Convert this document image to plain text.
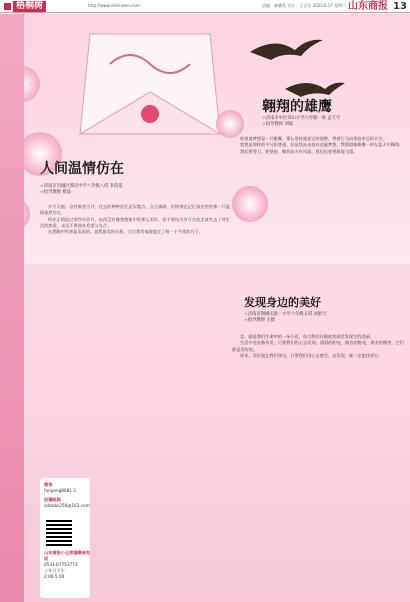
梧桐树	http://www.sdxinwen.com	责编：韩鹏莉 设计：王含乐 2023.6.17 星期六 山东商报 13
人间温情仿在
☆济南市历城区郭店中学八年级八班 李依依
☆指导教师 褚晶

岁月无痕，自有痕迹可寻，过去的种种回忆是穿越点，点点滴滴，但铭刻在记忆深处里的那一片温情依然存在。

时光无情流过那些年岁月，东西没有像我想象中的那么美好，但不要因为岁月在流走就失去了对生活的热爱，永远不要放弃希望与光芒。

在我眼中世界是美丽的。是我最美的风景，它让我幸福地度过了每一个平常的日子。

翱翔的雄鹰
☆济南市中区舜山小学六年级一班 孟天宇
☆指导教师 刘斌

如果说梦想是一只雄鹰，那么坚持就是它的翅膀，带着它飞向更高更远的天空。

我曾是那样的平凡和普通，但是我从未放弃追逐梦想。我渴望像雄鹰一样在蓝天中翱翔。

我们要努力，要坚持，哪怕前方有风雨，我们也要勇敢地飞翔。

发现身边的美好
☆济南市钢城实验一小学六年级五班 刘舒天
☆指导教师 王绮

美，就是我们生命中的一朵小花，每当我们仔细欣赏就会发现它的美丽。

生活中处处都有美，只要我们用心去发现。清晨的阳光，路边的野花，朋友的微笑，它们都是美好的。

原来，美好就在我们身边，只要我们用心去感受，去发现，就一定能找到它。

微信
fanpeng8081 2
投稿邮箱
sdzwbs256@163.com
山东商报小记者编辑部电话
0531-67753773
工作日下午
2:00-5:00
